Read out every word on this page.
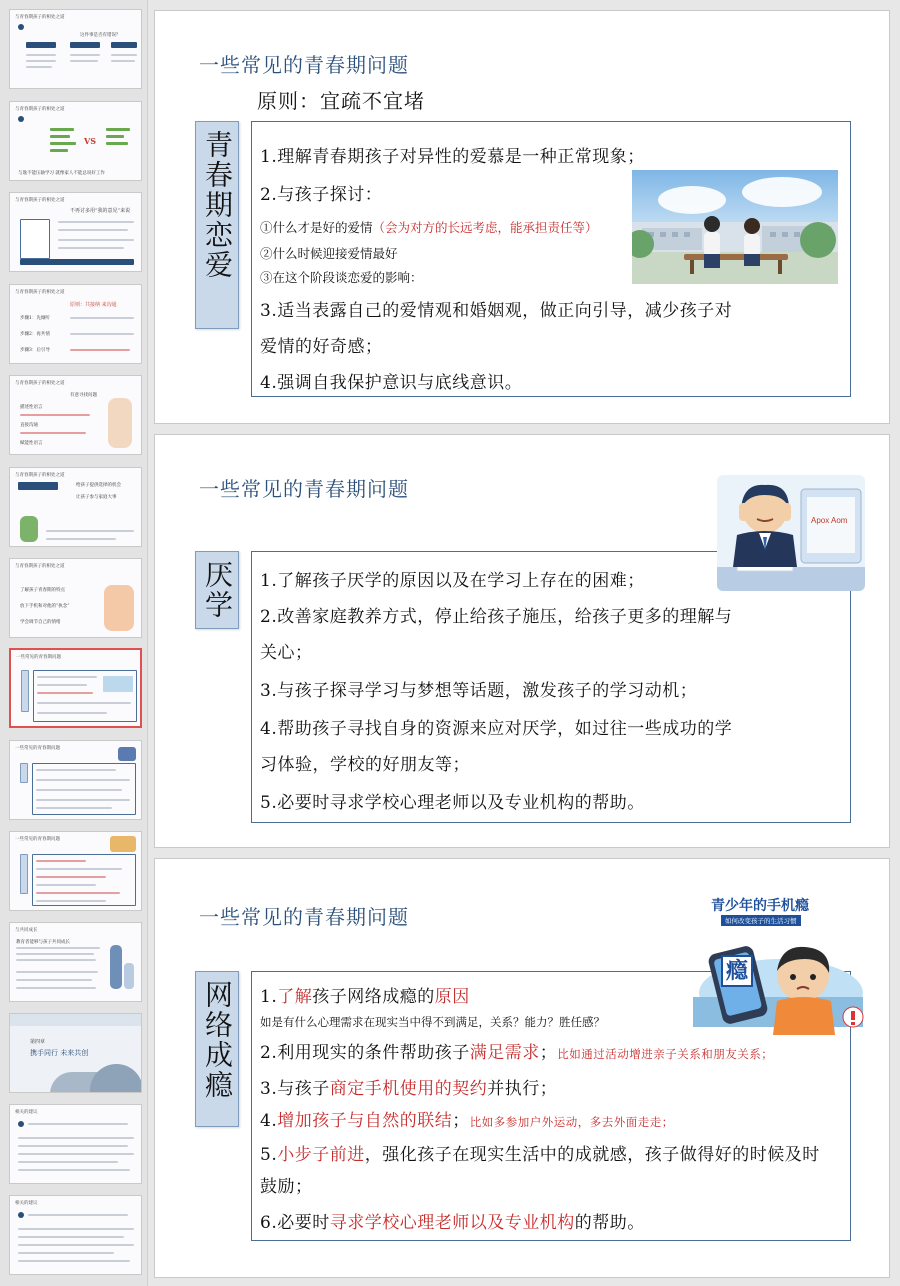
与青春期孩子的相处之道
这件事是否有错误？
与青春期孩子的相处之道
VS
与逸不能压轴学习 就像家人不能总说好工作
与青春期孩子的相处之道
不再讨多用“我的意见”来说
与青春期孩子的相处之道
原则：共接纳 来沟通
步骤1：先倾听
步骤2：再共情
步骤3：后引导
与青春期孩子的相处之道
有意寻找问题
描述性语言
直接沟通
赋能性语言
与青春期孩子的相处之道
给孩子提供选择的机会
让孩子参与家庭大事
与青春期孩子的相处之道
了解孩子青春期的特点
放下手机和对他的“执念”
学会调节自己的情绪
一些常见的青春期问题
一些常见的青春期问题
一些常见的青春期问题
与共同成长
教育者能够与孩子共同成长
第四章
携手同行 未来共创
相关的建议
相关的建议
一些常见的青春期问题
原则：宜疏不宜堵
青春期恋爱 1.理解青春期孩子对异性的爱慕是一种正常现象；

2.与孩子探讨：

①什么才是好的爱情（会为对方的长远考虑，能承担责任等）

②什么时候迎接爱情最好

③在这个阶段谈恋爱的影响：

3.适当表露自己的爱情观和婚姻观，做正向引导，减少孩子对

爱情的好奇感；

4.强调自我保护意识与底线意识。

一些常见的青春期问题
厌学 1.了解孩子厌学的原因以及在学习上存在的困难；

2.改善家庭教养方式，停止给孩子施压，给孩子更多的理解与

关心；

3.与孩子探寻学习与梦想等话题，激发孩子的学习动机；

4.帮助孩子寻找自身的资源来应对厌学，如过往一些成功的学

习体验，学校的好朋友等；

5.必要时寻求学校心理老师以及专业机构的帮助。

Apox Aom
一些常见的青春期问题
网络成瘾 1.了解孩子网络成瘾的原因

如是有什么心理需求在现实当中得不到满足，关系？能力？胜任感？

2.利用现实的条件帮助孩子满足需求；比如通过活动增进亲子关系和朋友关系；

3.与孩子商定手机使用的契约并执行；

4.增加孩子与自然的联结；比如多参加户外运动，多去外面走走；

5.小步子前进，强化孩子在现实生活中的成就感，孩子做得好的时候及时

鼓励；

6.必要时寻求学校心理老师以及专业机构的帮助。

青少年的手机瘾
如何改变孩子的生活习惯
瘾
